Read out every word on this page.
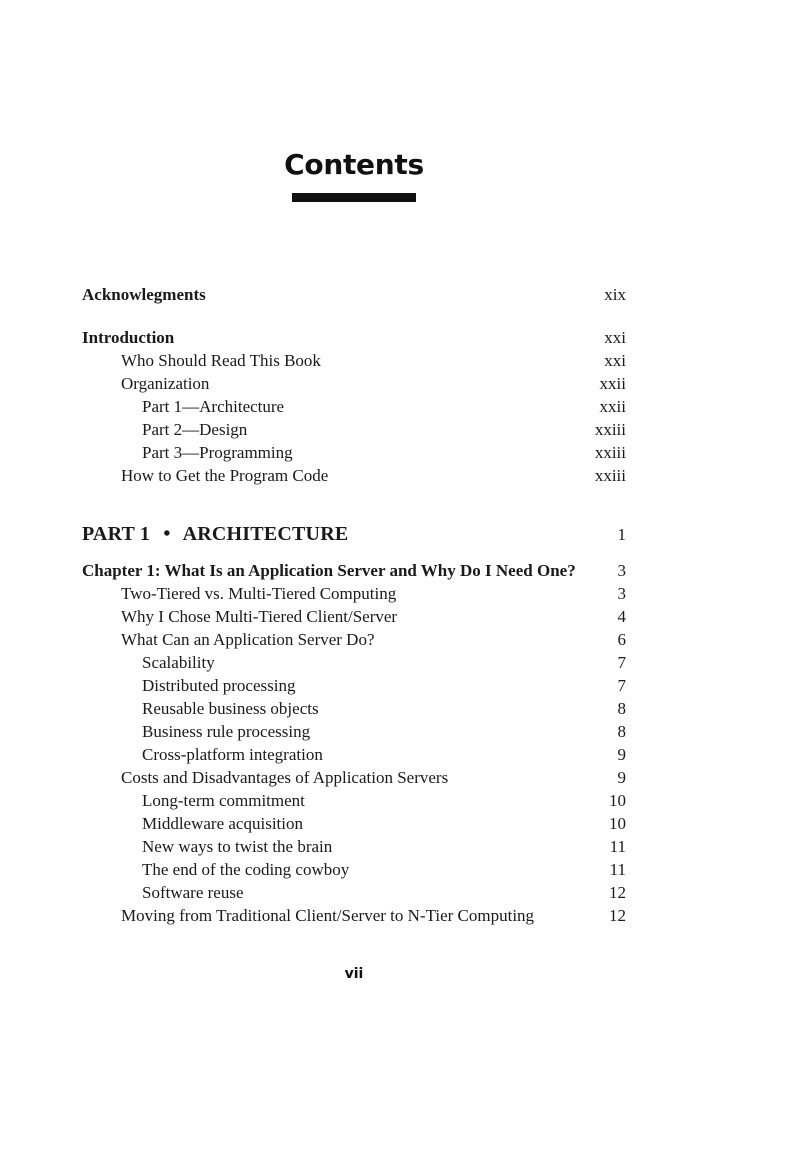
Contents
Acknowlegments	xix
Introduction	xxi
Who Should Read This Book	xxi
Organization	xxii
Part 1—Architecture	xxii
Part 2—Design	xxiii
Part 3—Programming	xxiii
How to Get the Program Code	xxiii
PART 1 • ARCHITECTURE	1
Chapter 1: What Is an Application Server and Why Do I Need One? 3
Two-Tiered vs. Multi-Tiered Computing	3
Why I Chose Multi-Tiered Client/Server	4
What Can an Application Server Do?	6
Scalability	7
Distributed processing	7
Reusable business objects	8
Business rule processing	8
Cross-platform integration	9
Costs and Disadvantages of Application Servers	9
Long-term commitment	10
Middleware acquisition	10
New ways to twist the brain	11
The end of the coding cowboy	11
Software reuse	12
Moving from Traditional Client/Server to N-Tier Computing	12
vii
